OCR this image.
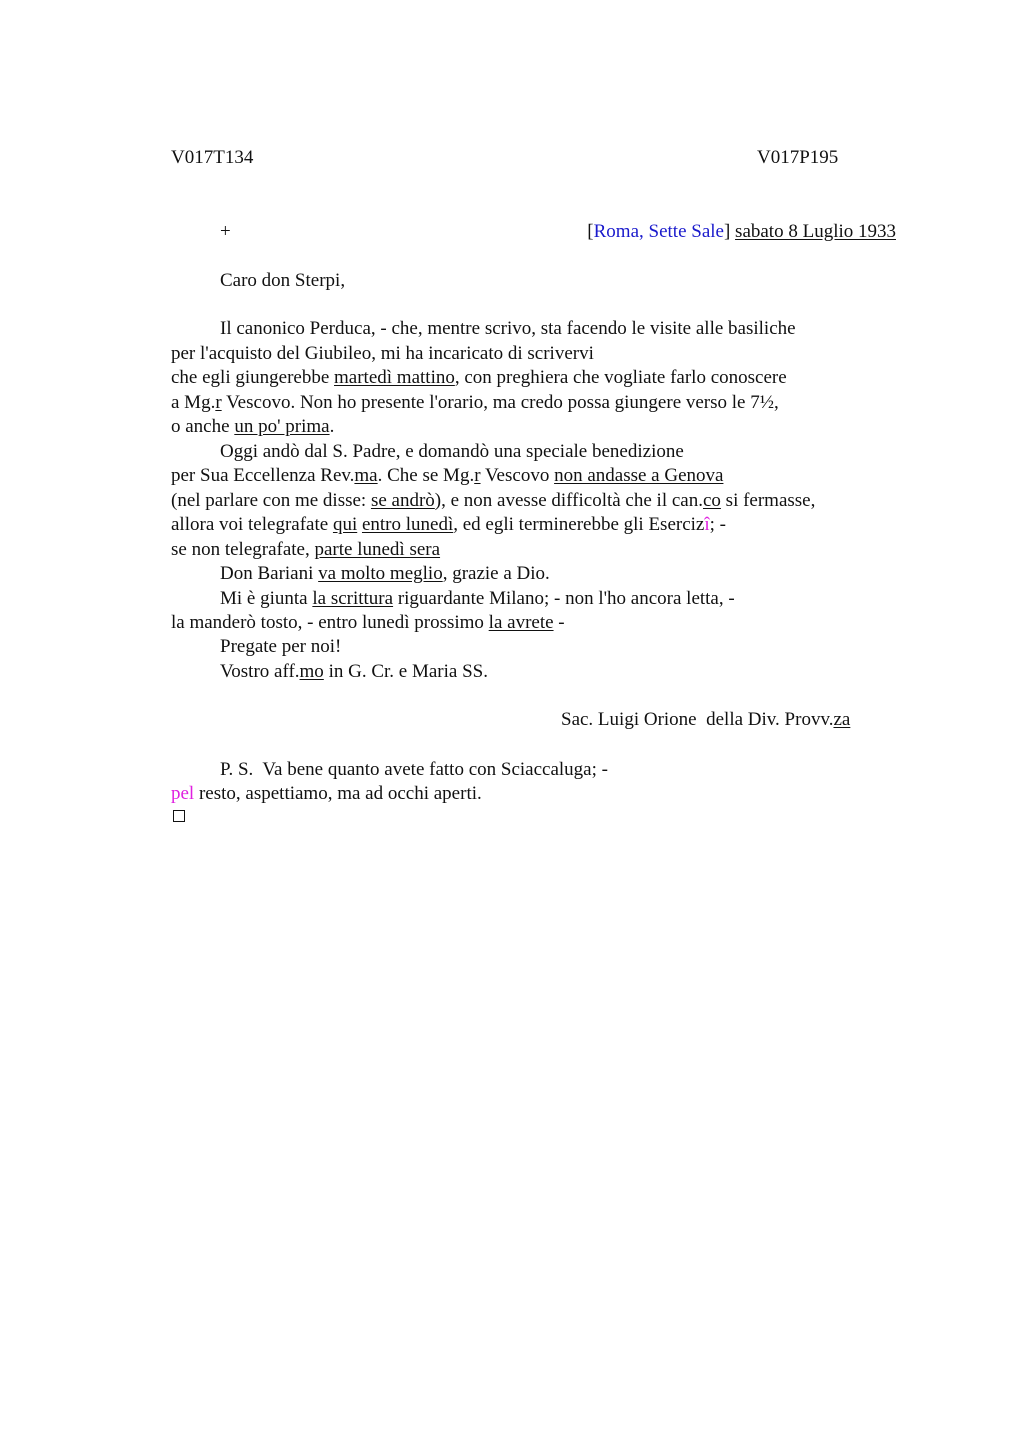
V017T134	V017P195
+	[Roma, Sette Sale] sabato 8 Luglio 1933
Caro don Sterpi,
Il canonico Perduca, - che, mentre scrivo, sta facendo le visite alle basiliche
per l'acquisto del Giubileo, mi ha incaricato di scrivervi
che egli giungerebbe martedì mattino, con preghiera che vogliate farlo conoscere
a Mg.r Vescovo. Non ho presente l'orario, ma credo possa giungere verso le 7½,
o anche un po' prima.
Oggi andò dal S. Padre, e domandò una speciale benedizione
per Sua Eccellenza Rev.ma. Che se Mg.r Vescovo non andasse a Genova
(nel parlare con me disse: se andrò), e non avesse difficoltà che il can.co si fermasse,
allora voi telegrafate qui entro lunedì, ed egli terminerebbe gli Esercizî; -
se non telegrafate, parte lunedì sera
Don Bariani va molto meglio, grazie a Dio.
Mi è giunta la scrittura riguardante Milano; - non l'ho ancora letta, -
la manderò tosto, - entro lunedì prossimo la avrete -
Pregate per noi!
Vostro aff.mo in G. Cr. e Maria SS.
Sac. Luigi Orione  della Div. Provv.za
P. S.  Va bene quanto avete fatto con Sciaccaluga; -
pel resto, aspettiamo, ma ad occhi aperti.
